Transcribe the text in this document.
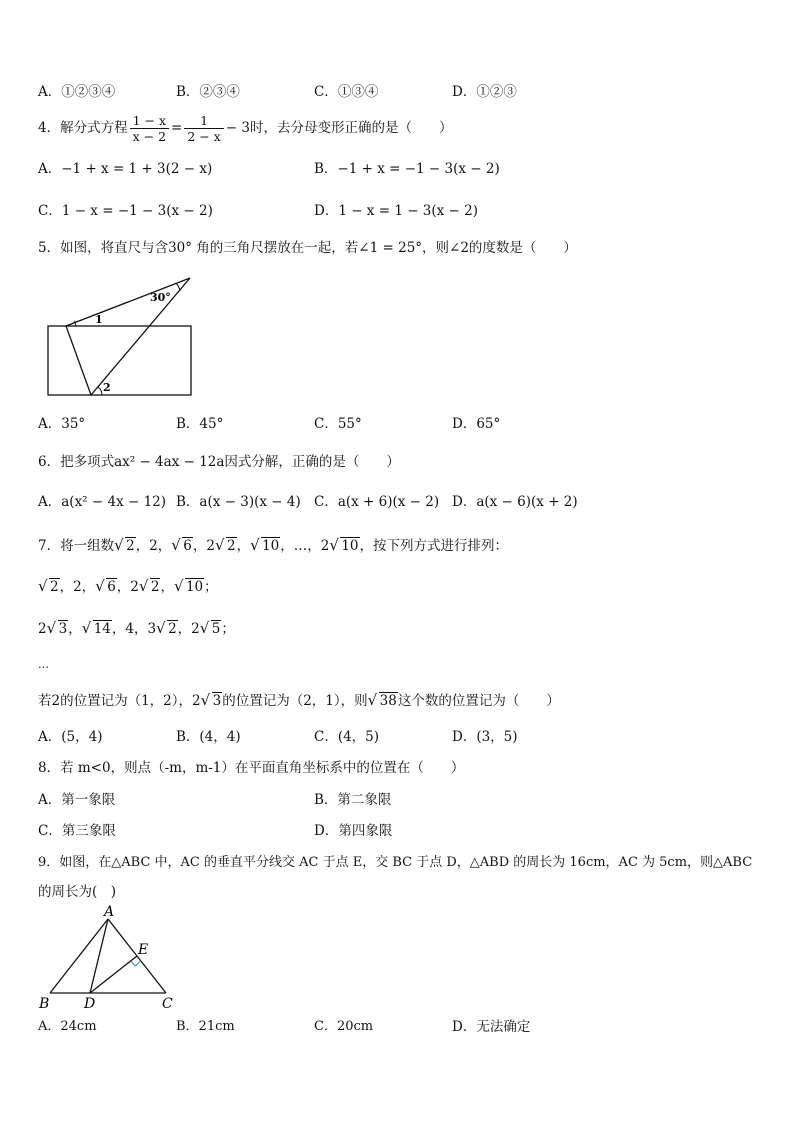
A．①②③④	B．②③④	C．①③④	D．①②③
4．解分式方程 $\frac{1 - x}{x - 2} = \frac{1}{2 - x} - 3$时，去分母变形正确的是（　　）
A．−1 + x = 1 + 3(2 − x)	B．−1 + x = −1 − 3(x − 2)
C．1 − x = −1 − 3(x − 2)	D．1 − x = 1 − 3(x − 2)
5．如图，将直尺与含30° 角的三角尺摆放在一起，若∠1 = 25°，则∠2的度数是（　　）
30°
1
2
A．35°	B．45°	C．55°	D．65°
6．把多项式ax² − 4ax − 12a因式分解，正确的是（　　）
A．a(x² − 4x − 12) B．a(x − 3)(x − 4) C．a(x + 6)(x − 2) D．a(x − 6)(x + 2)
7．将一组数 √ 2，2， √ 6，2 √ 2， √ 10，…，2 √ 10，按下列方式进行排列：
√ 2，2， √ 6，2 √ 2， √ 10；
2 √ 3， √ 14，4，3 √ 2，2 √ 5；
…
若2的位置记为（1，2），2 √ 3的位置记为（2，1），则 √ 38这个数的位置记为（　　）
A．(5，4)	B．(4，4)	C．(4，5)	D．(3，5)
8．若 m<0，则点（-m，m-1）在平面直角坐标系中的位置在（　　）
A．第一象限	B．第二象限
C．第三象限	D．第四象限
9．如图，在△ABC 中，AC 的垂直平分线交 AC 于点 E，交 BC 于点 D，△ABD 的周长为 16cm，AC 为 5cm，则△ABC
的周长为(　)
A
B D	C
E
A．24cm	B．21cm	C．20cm	D．无法确定
